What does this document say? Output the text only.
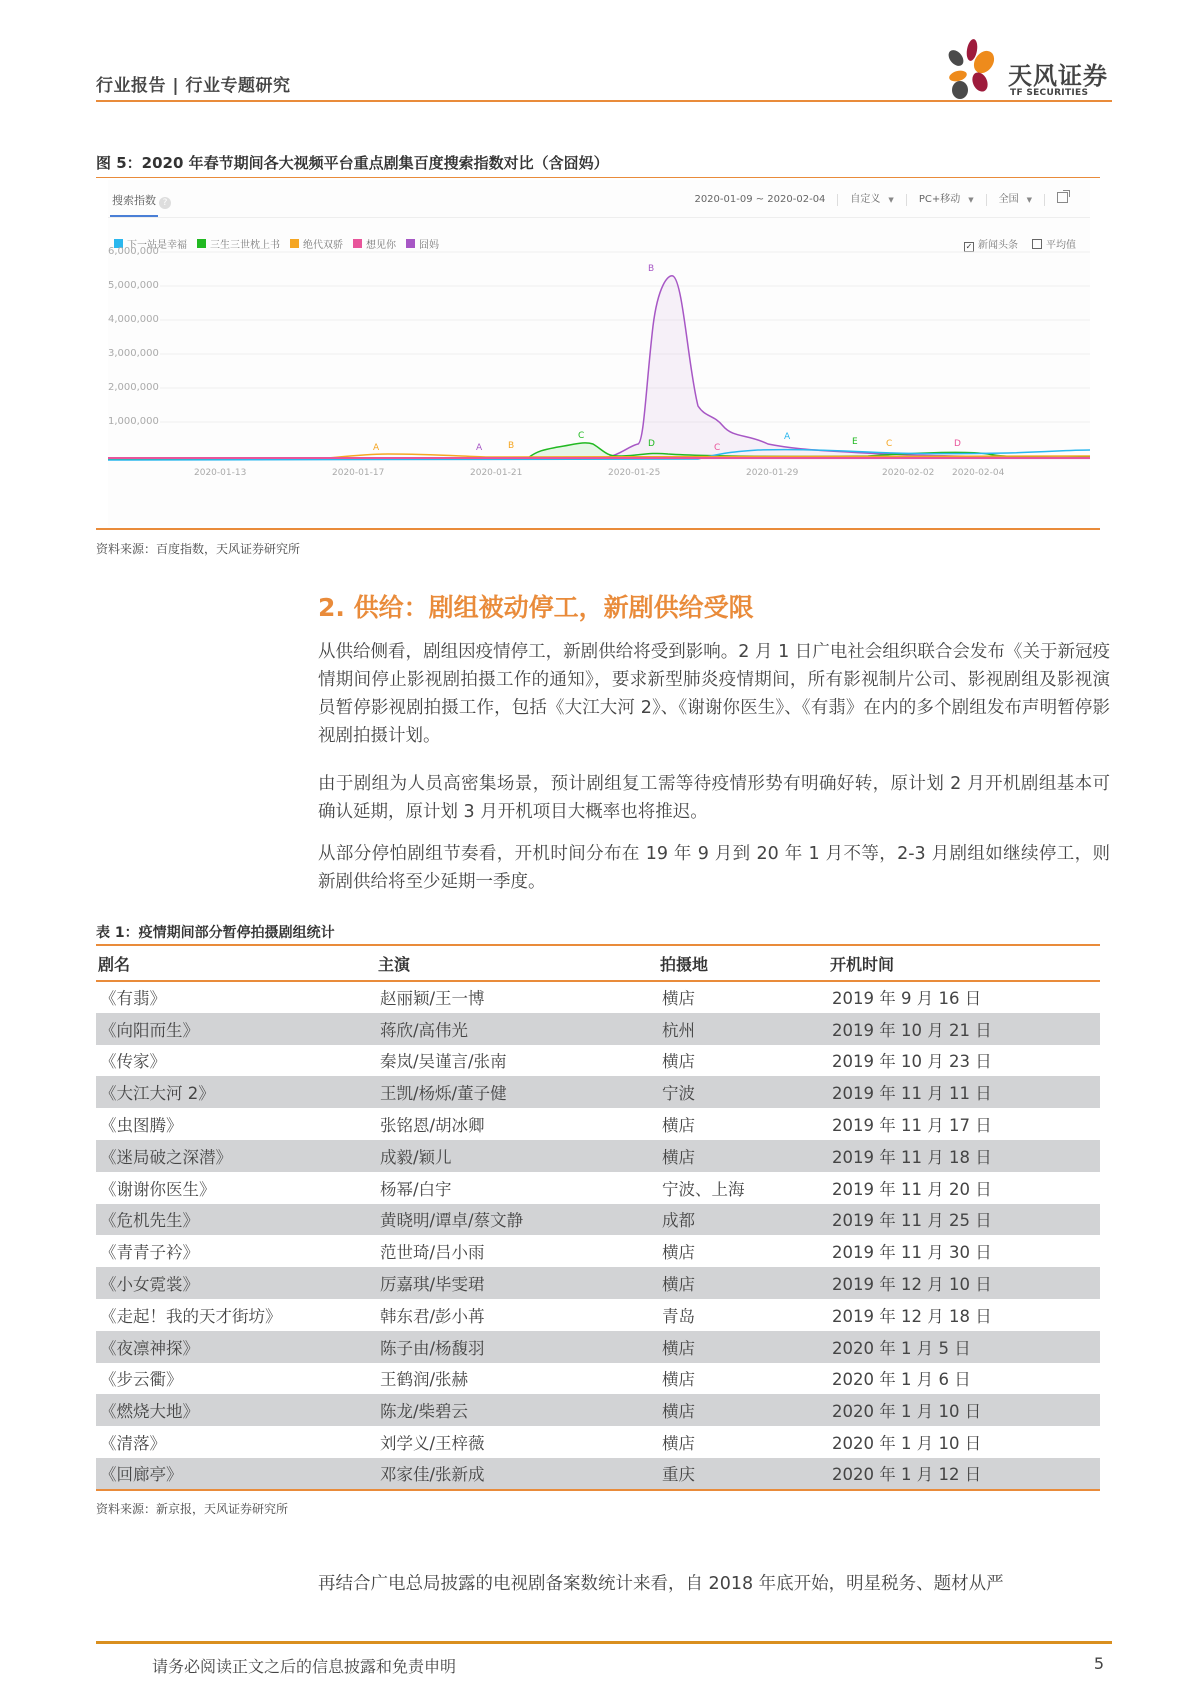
行业报告 | 行业专题研究	天风证券
TF SECURITIES
图 5：2020 年春节期间各大视频平台重点剧集百度搜索指数对比（含囧妈）
搜索指数 ?	2020-01-09 ~ 2020-02-04	自定义 ▼	PC+移动 ▼	全国 ▼
下一站是幸福 三生三世枕上书 绝代双骄 想见你 囧妈	✓ 新闻头条	平均值
6,000,000
5,000,000
4,000,000
3,000,000
2,000,000
1,000,000
A	A	B
C
B
D	C
A	E	C	D
2020-01-13	2020-01-17	2020-01-21	2020-01-25	2020-01-29	2020-02-02 2020-02-04
资料来源：百度指数，天风证券研究所
2. 供给：剧组被动停工，新剧供给受限
从供给侧看，剧组因疫情停工，新剧供给将受到影响。2 月 1 日广电社会组织联合会发布《关于新冠疫情期间停止影视剧拍摄工作的通知》，要求新型肺炎疫情期间，所有影视制片公司、影视剧组及影视演员暂停影视剧拍摄工作，包括《大江大河 2》、《谢谢你医生》、《有翡》在内的多个剧组发布声明暂停影视剧拍摄计划。
由于剧组为人员高密集场景，预计剧组复工需等待疫情形势有明确好转，原计划 2 月开机剧组基本可确认延期，原计划 3 月开机项目大概率也将推迟。
从部分停怕剧组节奏看，开机时间分布在 19 年 9 月到 20 年 1 月不等，2-3 月剧组如继续停工，则新剧供给将至少延期一季度。
表 1：疫情期间部分暂停拍摄剧组统计
剧名	主演	拍摄地	开机时间
《有翡》	赵丽颖/王一博	横店	2019 年 9 月 16 日
《向阳而生》	蒋欣/高伟光	杭州	2019 年 10 月 21 日
《传家》	秦岚/吴谨言/张南	横店	2019 年 10 月 23 日
《大江大河 2》	王凯/杨烁/董子健	宁波	2019 年 11 月 11 日
《虫图腾》	张铭恩/胡冰卿	横店	2019 年 11 月 17 日
《迷局破之深潜》	成毅/颖儿	横店	2019 年 11 月 18 日
《谢谢你医生》	杨幂/白宇	宁波、上海	2019 年 11 月 20 日
《危机先生》	黄晓明/谭卓/蔡文静	成都	2019 年 11 月 25 日
《青青子衿》	范世琦/吕小雨	横店	2019 年 11 月 30 日
《小女霓裳》	厉嘉琪/毕雯珺	横店	2019 年 12 月 10 日
《走起！我的天才街坊》	韩东君/彭小苒	青岛	2019 年 12 月 18 日
《夜凛神探》	陈子由/杨馥羽	横店	2020 年 1 月 5 日
《步云衢》	王鹤润/张赫	横店	2020 年 1 月 6 日
《燃烧大地》	陈龙/柴碧云	横店	2020 年 1 月 10 日
《清落》	刘学义/王梓薇	横店	2020 年 1 月 10 日
《回廊亭》	邓家佳/张新成	重庆	2020 年 1 月 12 日
资料来源：新京报，天风证券研究所
再结合广电总局披露的电视剧备案数统计来看，自 2018 年底开始，明星税务、题材从严
请务必阅读正文之后的信息披露和免责申明	5
